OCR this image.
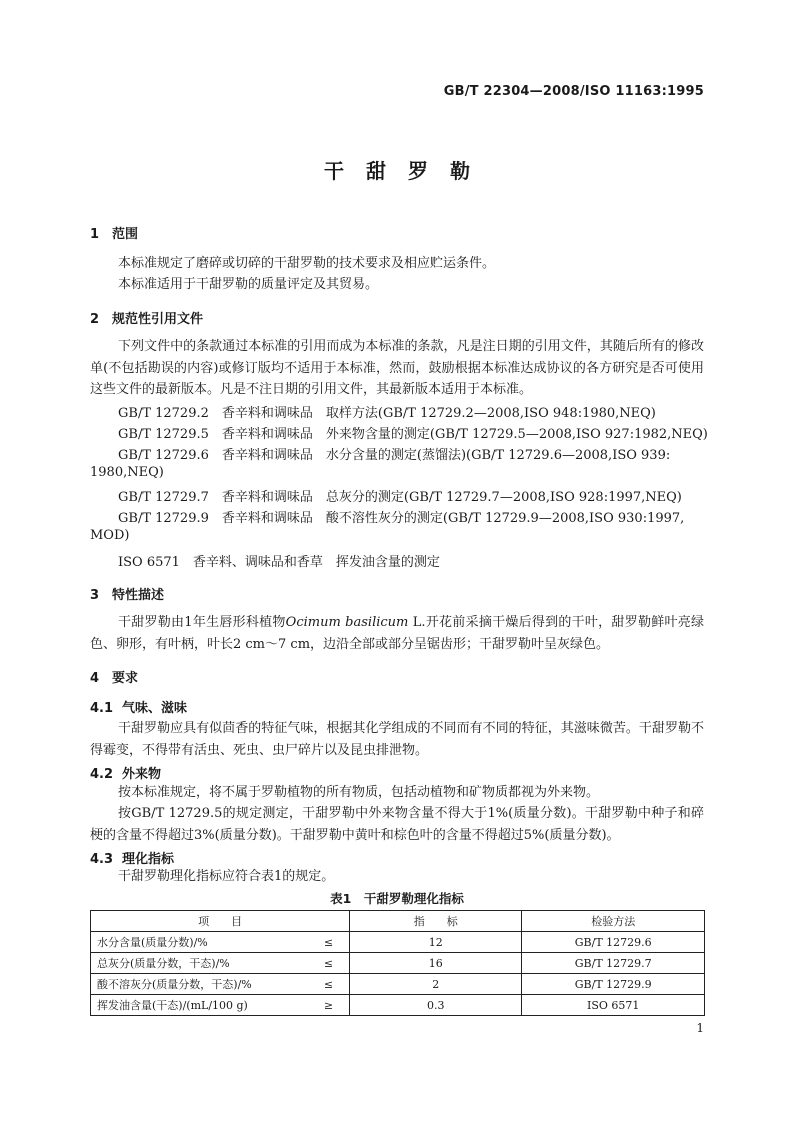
GB/T 22304—2008/ISO 11163:1995
干甜罗勒
1 范围
本标准规定了磨碎或切碎的干甜罗勒的技术要求及相应贮运条件。
本标准适用于干甜罗勒的质量评定及其贸易。
2 规范性引用文件
下列文件中的条款通过本标准的引用而成为本标准的条款，凡是注日期的引用文件，其随后所有的修改单(不包括勘误的内容)或修订版均不适用于本标准，然而，鼓励根据本标准达成协议的各方研究是否可使用这些文件的最新版本。凡是不注日期的引用文件，其最新版本适用于本标准。
GB/T 12729.2　香辛料和调味品　取样方法(GB/T 12729.2—2008,ISO 948:1980,NEQ)
GB/T 12729.5　香辛料和调味品　外来物含量的测定(GB/T 12729.5—2008,ISO 927:1982,NEQ)
GB/T 12729.6　香辛料和调味品　水分含量的测定(蒸馏法)(GB/T 12729.6—2008,ISO 939:
1980,NEQ)
GB/T 12729.7　香辛料和调味品　总灰分的测定(GB/T 12729.7—2008,ISO 928:1997,NEQ)
GB/T 12729.9　香辛料和调味品　酸不溶性灰分的测定(GB/T 12729.9—2008,ISO 930:1997,
MOD)
ISO 6571　香辛料、调味品和香草　挥发油含量的测定
3 特性描述
干甜罗勒由1年生唇形科植物Ocimum basilicum L.开花前采摘干燥后得到的干叶，甜罗勒鲜叶亮绿色、卵形，有叶柄，叶长2 cm～7 cm，边沿全部或部分呈锯齿形；干甜罗勒叶呈灰绿色。
4 要求
4.1 气味、滋味
干甜罗勒应具有似茴香的特征气味，根据其化学组成的不同而有不同的特征，其滋味微苦。干甜罗勒不得霉变，不得带有活虫、死虫、虫尸碎片以及昆虫排泄物。
4.2 外来物
按本标准规定，将不属于罗勒植物的所有物质，包括动植物和矿物质都视为外来物。
按GB/T 12729.5的规定测定，干甜罗勒中外来物含量不得大于1%(质量分数)。干甜罗勒中种子和碎梗的含量不得超过3%(质量分数)。干甜罗勒中黄叶和棕色叶的含量不得超过5%(质量分数)。
4.3 理化指标
干甜罗勒理化指标应符合表1的规定。
表1　干甜罗勒理化指标
项　　目		指　　标	检验方法
水分含量(质量分数)/%	≤	12	GB/T 12729.6
总灰分(质量分数，干态)/%	≤	16	GB/T 12729.7
酸不溶灰分(质量分数，干态)/%	≤	2	GB/T 12729.9
挥发油含量(干态)/(mL/100 g)	≥	0.3	ISO 6571
1
